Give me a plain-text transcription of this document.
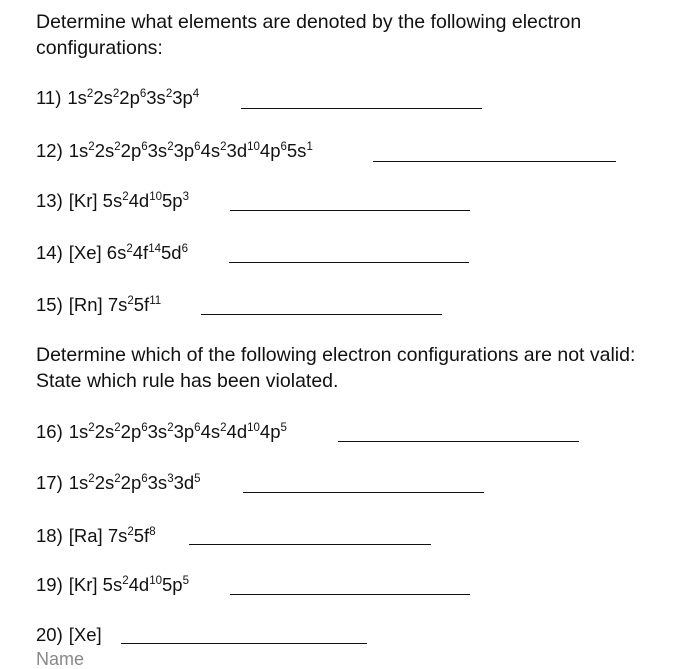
Determine what elements are denoted by the following electron configurations:

11) $1s^22s^22p^63s^23p^4$
12) $1s^22s^22p^63s^23p^64s^23d^{10}4p^65s^1$
13) [Kr] $5s^24d^{10}5p^3$
14) [Xe] $6s^24f^{14}5d^6$
15) [Rn] $7s^25f^{11}$

Determine which of the following electron configurations are not valid: State which rule has been violated.

16) $1s^22s^22p^63s^23p^64s^24d^{10}4p^5$
17) $1s^22s^22p^63s^33d^5$
18) [Ra] $7s^25f^8$
19) [Kr] $5s^24d^{10}5p^5$
20) [Xe]
Name
